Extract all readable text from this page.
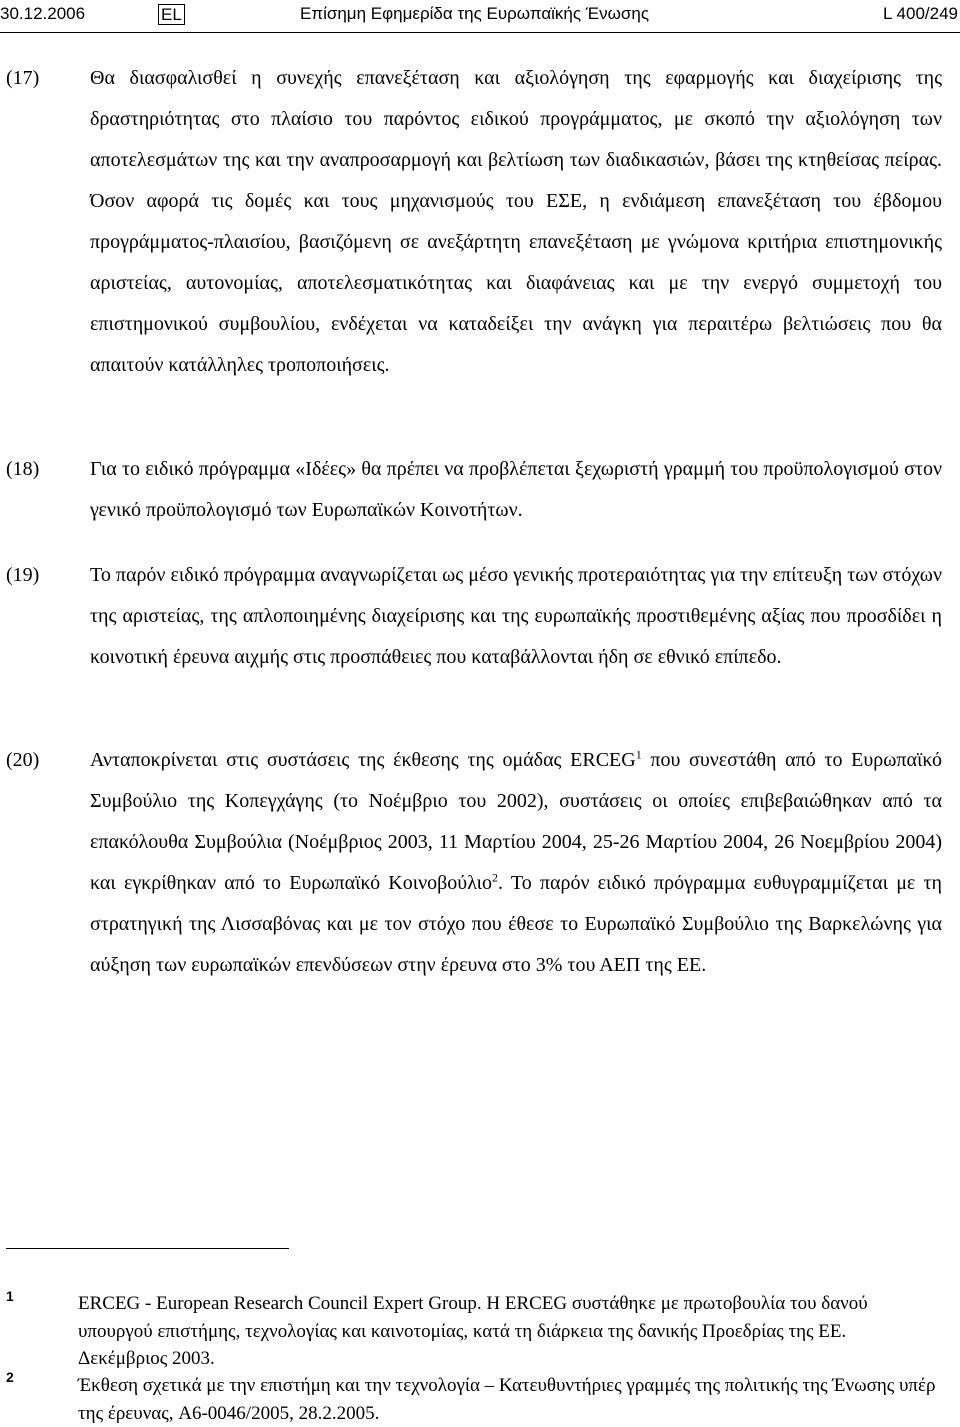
30.12.2006	EL	Επίσημη Εφημερίδα της Ευρωπαϊκής Ένωσης	L 400/249
(17)	Θα διασφαλισθεί η συνεχής επανεξέταση και αξιολόγηση της εφαρμογής και διαχείρισης της δραστηριότητας στο πλαίσιο του παρόντος ειδικού προγράμματος, με σκοπό την αξιολόγηση των αποτελεσμάτων της και την αναπροσαρμογή και βελτίωση των διαδικασιών, βάσει της κτηθείσας πείρας. Όσον αφορά τις δομές και τους μηχανισμούς του ΕΣΕ, η ενδιάμεση επανεξέταση του έβδομου προγράμματος-πλαισίου, βασιζόμενη σε ανεξάρτητη επανεξέταση με γνώμονα κριτήρια επιστημονικής αριστείας, αυτονομίας, αποτελεσματικότητας και διαφάνειας και με την ενεργό συμμετοχή του επιστημονικού συμβουλίου, ενδέχεται να καταδείξει την ανάγκη για περαιτέρω βελτιώσεις που θα απαιτούν κατάλληλες τροποποιήσεις.
(18)	Για το ειδικό πρόγραμμα «Ιδέες» θα πρέπει να προβλέπεται ξεχωριστή γραμμή του προϋπολογισμού στον γενικό προϋπολογισμό των Ευρωπαϊκών Κοινοτήτων.
(19)	Το παρόν ειδικό πρόγραμμα αναγνωρίζεται ως μέσο γενικής προτεραιότητας για την επίτευξη των στόχων της αριστείας, της απλοποιημένης διαχείρισης και της ευρωπαϊκής προστιθεμένης αξίας που προσδίδει η κοινοτική έρευνα αιχμής στις προσπάθειες που καταβάλλονται ήδη σε εθνικό επίπεδο.
(20)	Ανταποκρίνεται στις συστάσεις της έκθεσης της ομάδας ERCEG$^1$ που συνεστάθη από το Ευρωπαϊκό Συμβούλιο της Κοπεγχάγης (το Νοέμβριο του 2002), συστάσεις οι οποίες επιβεβαιώθηκαν από τα επακόλουθα Συμβούλια (Νοέμβριος 2003, 11 Μαρτίου 2004, 25-26 Μαρτίου 2004, 26 Νοεμβρίου 2004) και εγκρίθηκαν από το Ευρωπαϊκό Κοινοβούλιο$^2$. Το παρόν ειδικό πρόγραμμα ευθυγραμμίζεται με τη στρατηγική της Λισσαβόνας και με τον στόχο που έθεσε το Ευρωπαϊκό Συμβούλιο της Βαρκελώνης για αύξηση των ευρωπαϊκών επενδύσεων στην έρευνα στο 3% του ΑΕΠ της ΕΕ.
1	ERCEG - European Research Council Expert Group. Η ERCEG συστάθηκε με πρωτοβουλία του δανού υπουργού επιστήμης, τεχνολογίας και καινοτομίας, κατά τη διάρκεια της δανικής Προεδρίας της ΕΕ. Δεκέμβριος 2003.
2	Έκθεση σχετικά με την επιστήμη και την τεχνολογία – Κατευθυντήριες γραμμές της πολιτικής της Ένωσης υπέρ της έρευνας, A6-0046/2005, 28.2.2005.
